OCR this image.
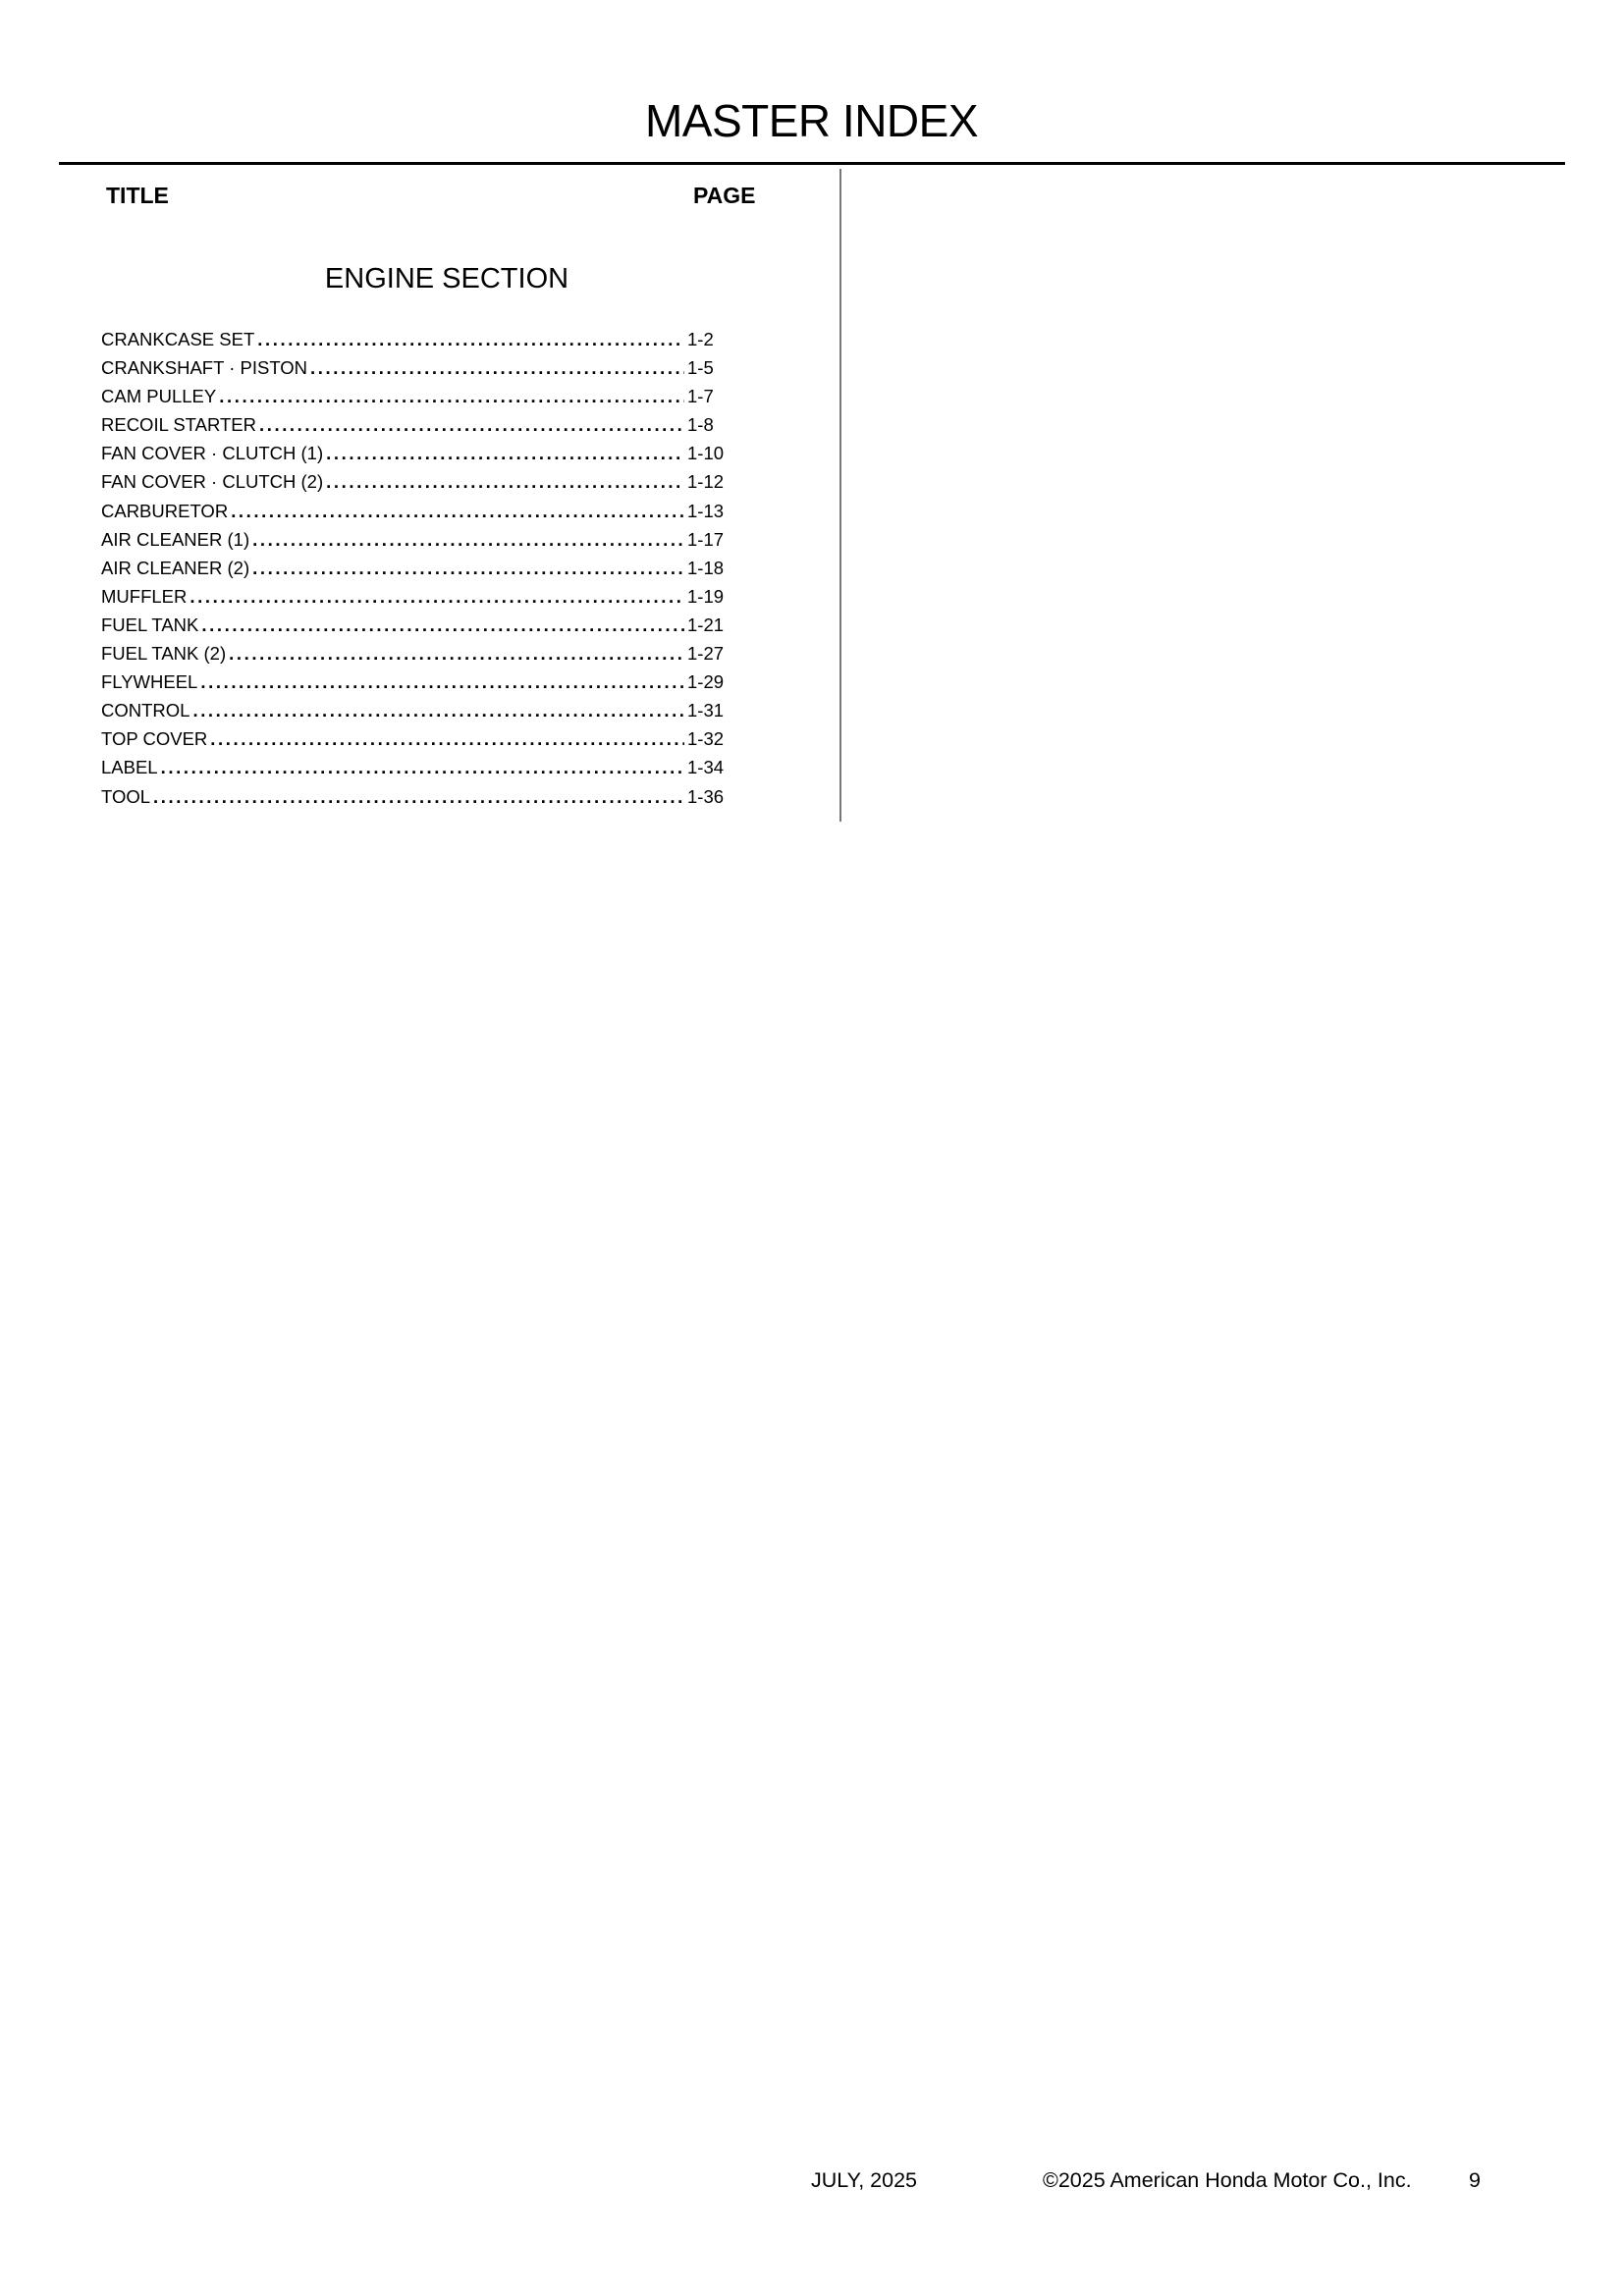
MASTER INDEX
TITLE	PAGE
ENGINE SECTION
CRANKCASE SET .....	1-2
CRANKSHAFT · PISTON .....	1-5
CAM PULLEY .....	1-7
RECOIL STARTER .....	1-8
FAN COVER · CLUTCH (1) .....	1-10
FAN COVER · CLUTCH (2) .....	1-12
CARBURETOR .....	1-13
AIR CLEANER (1) .....	1-17
AIR CLEANER (2) .....	1-18
MUFFLER .....	1-19
FUEL TANK .....	1-21
FUEL TANK (2) .....	1-27
FLYWHEEL .....	1-29
CONTROL .....	1-31
TOP COVER .....	1-32
LABEL .....	1-34
TOOL .....	1-36
JULY, 2025	©2025 American Honda Motor Co., Inc.	9
